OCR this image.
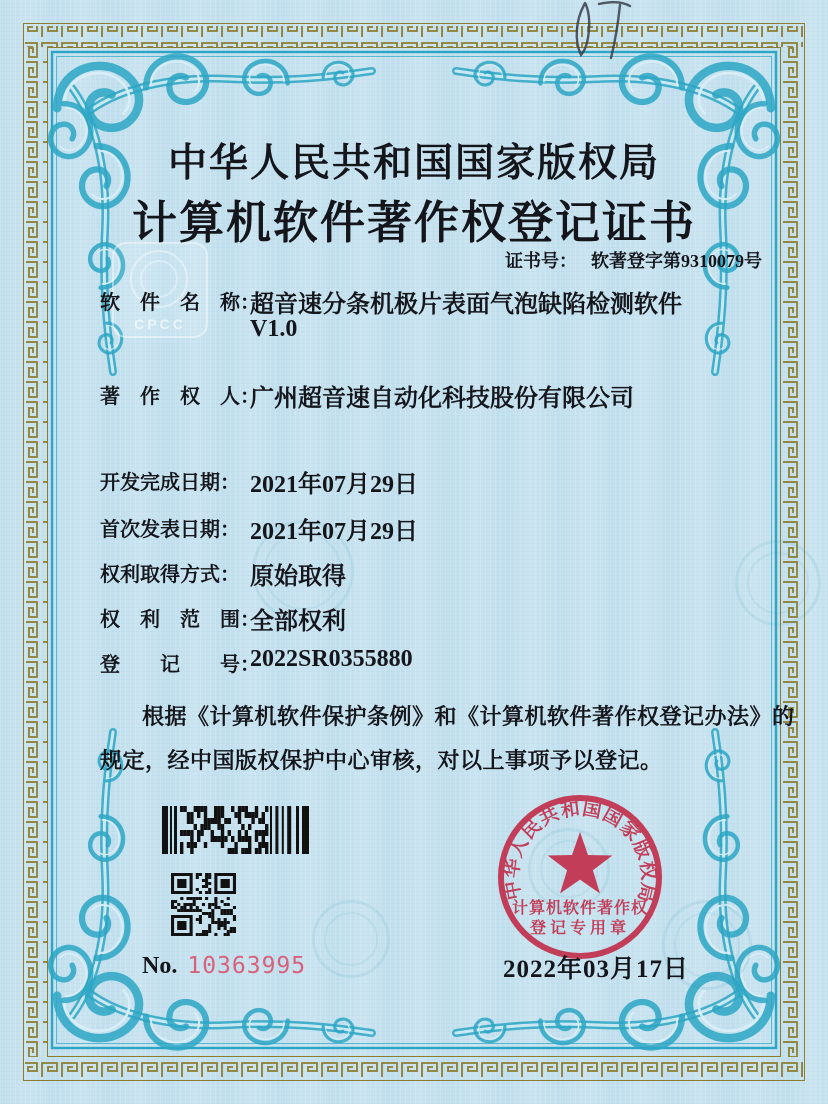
CPCC
中华人民共和国国家版权局
计算机软件著作权登记证书
证书号： 软著登字第9310079号
软　件　名　称：
超音速分条机极片表面气泡缺陷检测软件
V1.0
著　作　权　人：
广州超音速自动化科技股份有限公司
开发完成日期： 2021年07月29日
首次发表日期： 2021年07月29日
权利取得方式： 原始取得
权　利　范　围：
全部权利
登　　记　　号：
2022SR0355880
根据《计算机软件保护条例》和《计算机软件著作权登记办法》的
规定，经中国版权保护中心审核，对以上事项予以登记。
No. 10363995
中华人民共和国国家版权局
计算机软件著作权
登记专用章
2022年03月17日
